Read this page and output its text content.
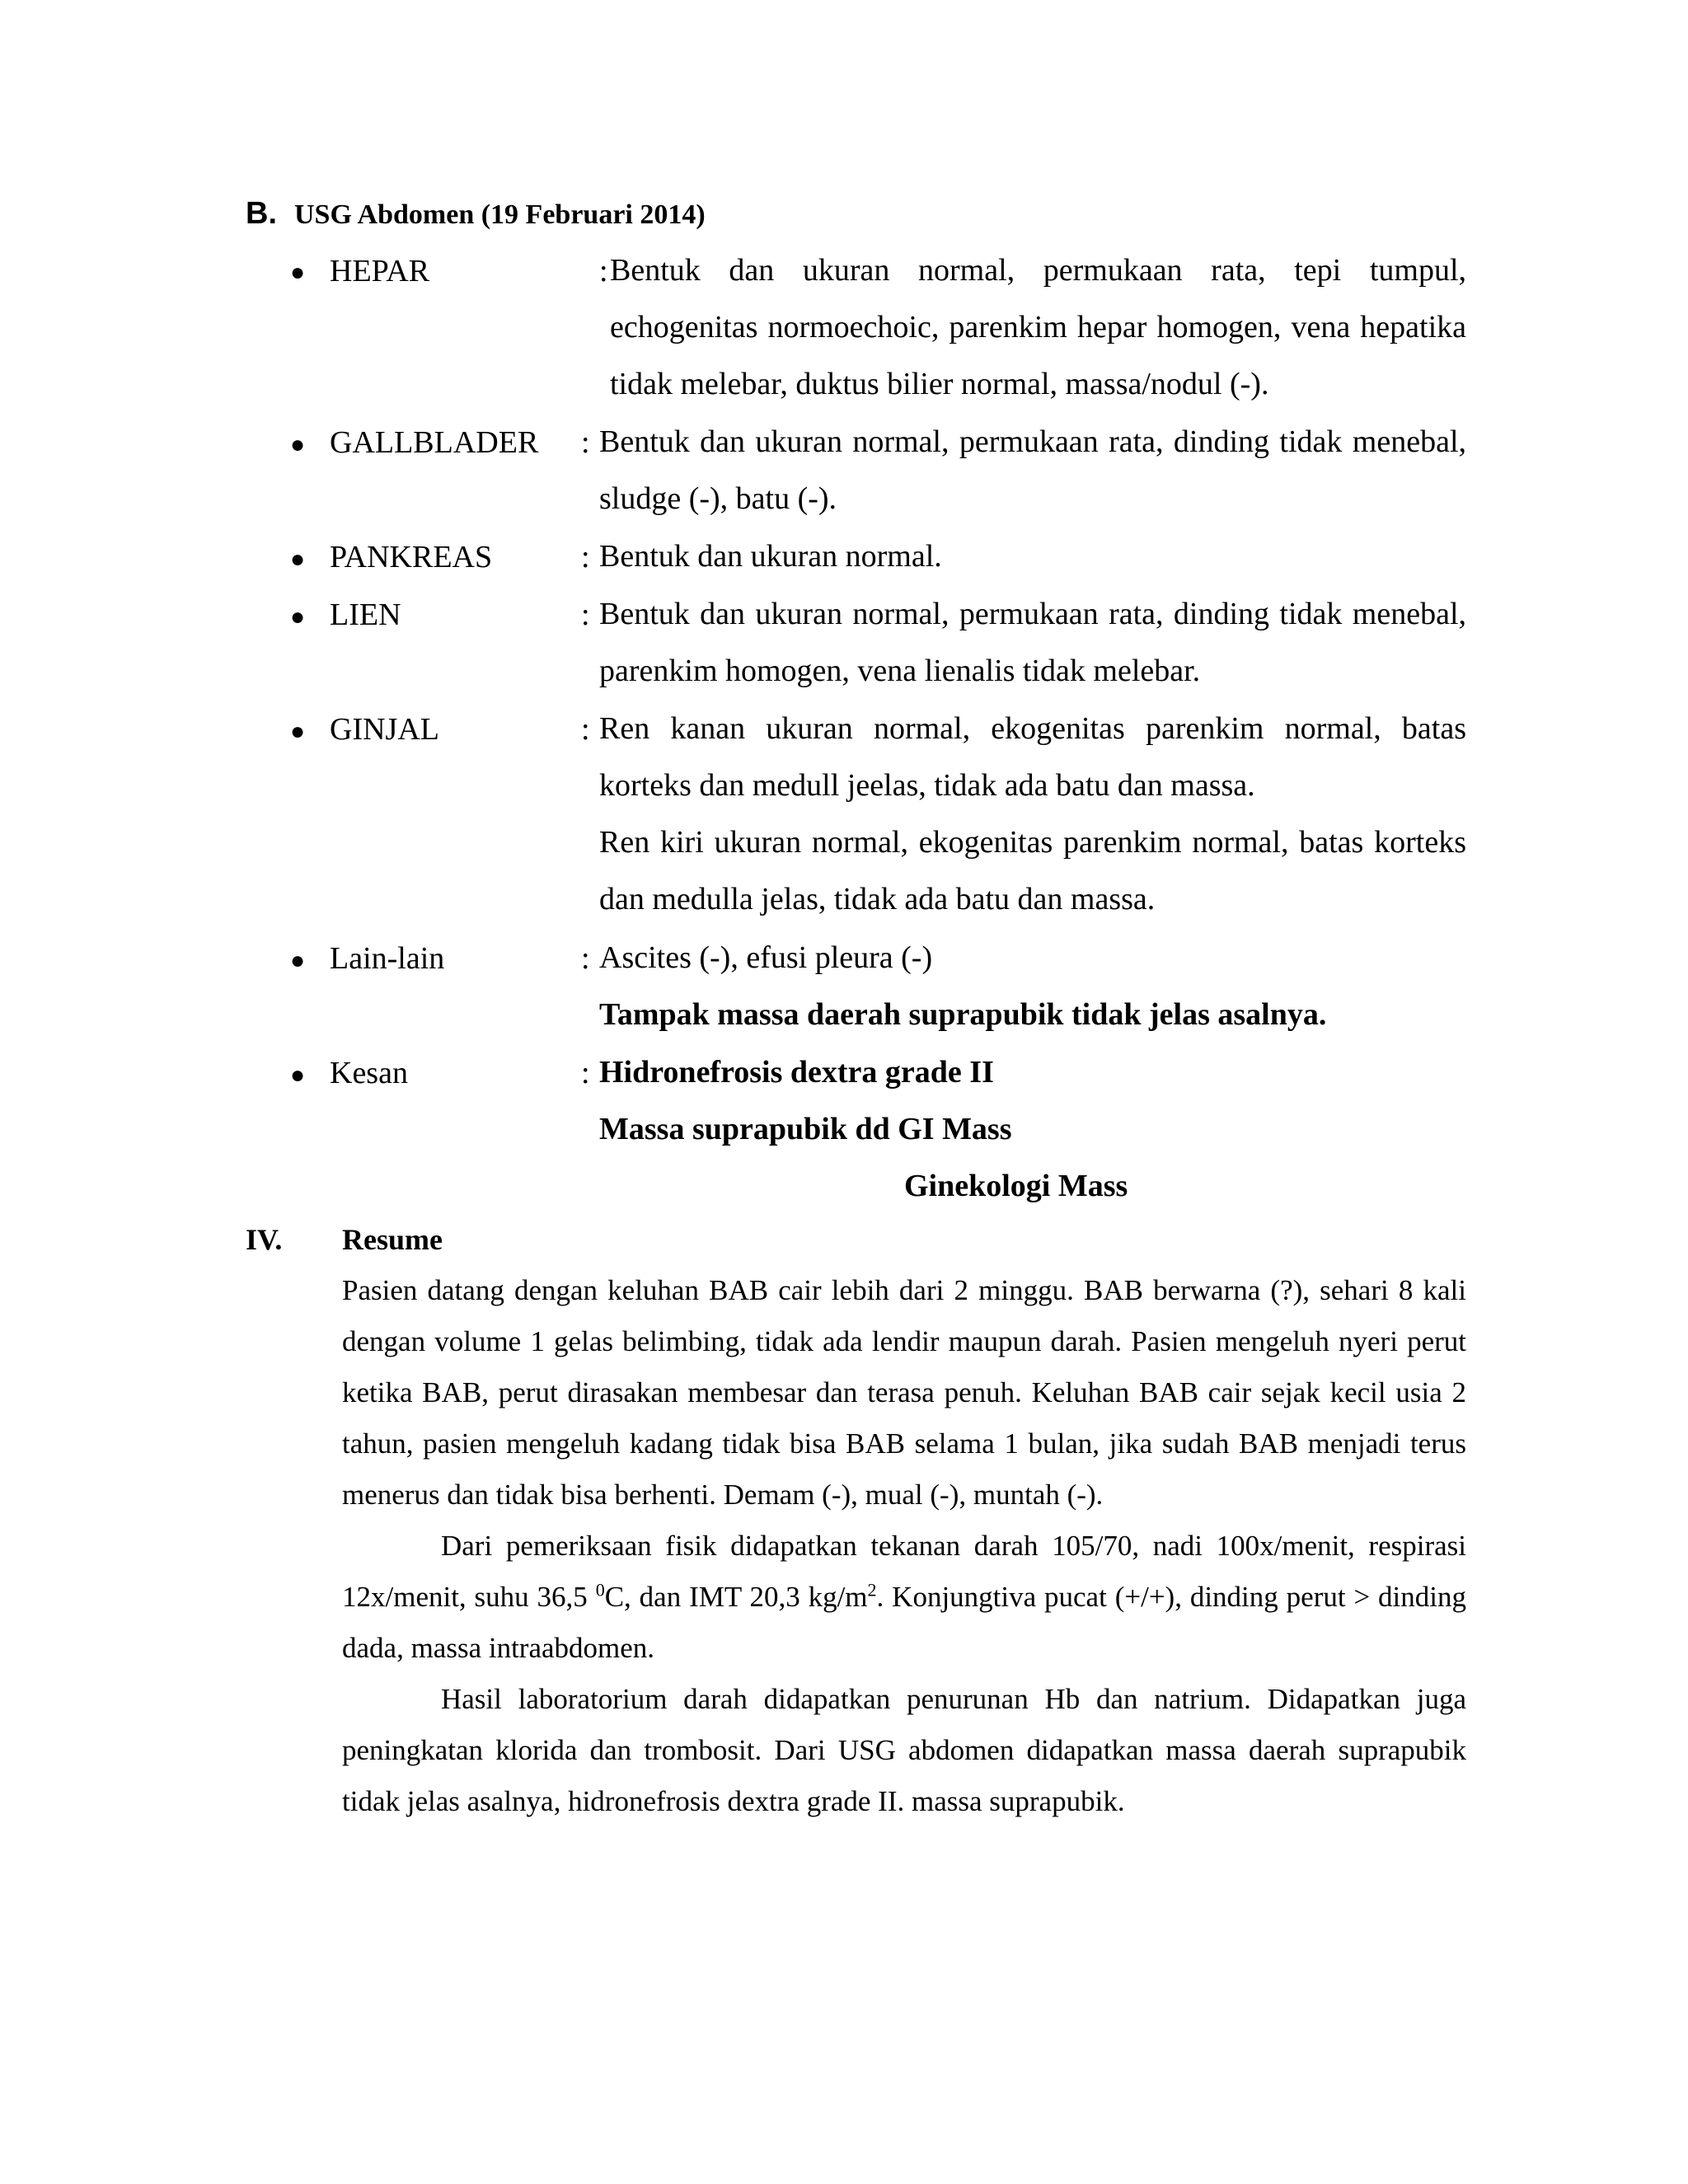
B. USG Abdomen (19 Februari 2014)
● HEPAR	: Bentuk dan ukuran normal, permukaan rata, tepi tumpul, echogenitas normoechoic, parenkim hepar homogen, vena hepatika tidak melebar, duktus bilier normal, massa/nodul (-).

● GALLBLADER : Bentuk dan ukuran normal, permukaan rata, dinding tidak menebal, sludge (-), batu (-).

● PANKREAS	: Bentuk dan ukuran normal.

● LIEN	: Bentuk dan ukuran normal, permukaan rata, dinding tidak menebal, parenkim homogen, vena lienalis tidak melebar.

● GINJAL	: Ren kanan ukuran normal, ekogenitas parenkim normal, batas korteks dan medull jeelas, tidak ada batu dan massa.

Ren kiri ukuran normal, ekogenitas parenkim normal, batas korteks dan medulla jelas, tidak ada batu dan massa.

● Lain-lain	: Ascites (-), efusi pleura (-)

Tampak massa daerah suprapubik tidak jelas asalnya.

● Kesan	: Hidronefrosis dextra grade II

Massa suprapubik dd GI Mass

Ginekologi Mass

IV. Resume

Pasien datang dengan keluhan BAB cair lebih dari 2 minggu. BAB berwarna (?), sehari 8 kali dengan volume 1 gelas belimbing, tidak ada lendir maupun darah. Pasien mengeluh nyeri perut ketika BAB, perut dirasakan membesar dan terasa penuh. Keluhan BAB cair sejak kecil usia 2 tahun, pasien mengeluh kadang tidak bisa BAB selama 1 bulan, jika sudah BAB menjadi terus menerus dan tidak bisa berhenti. Demam (-), mual (-), muntah (-).

Dari pemeriksaan fisik didapatkan tekanan darah 105/70, nadi 100x/menit, respirasi 12x/menit, suhu 36,5 $^0$C, dan IMT 20,3 $kg/m^2$. Konjungtiva pucat (+/+), dinding perut > dinding dada, massa intraabdomen.

Hasil laboratorium darah didapatkan penurunan Hb dan natrium. Didapatkan juga peningkatan klorida dan trombosit. Dari USG abdomen didapatkan massa daerah suprapubik tidak jelas asalnya, hidronefrosis dextra grade II. massa suprapubik.
